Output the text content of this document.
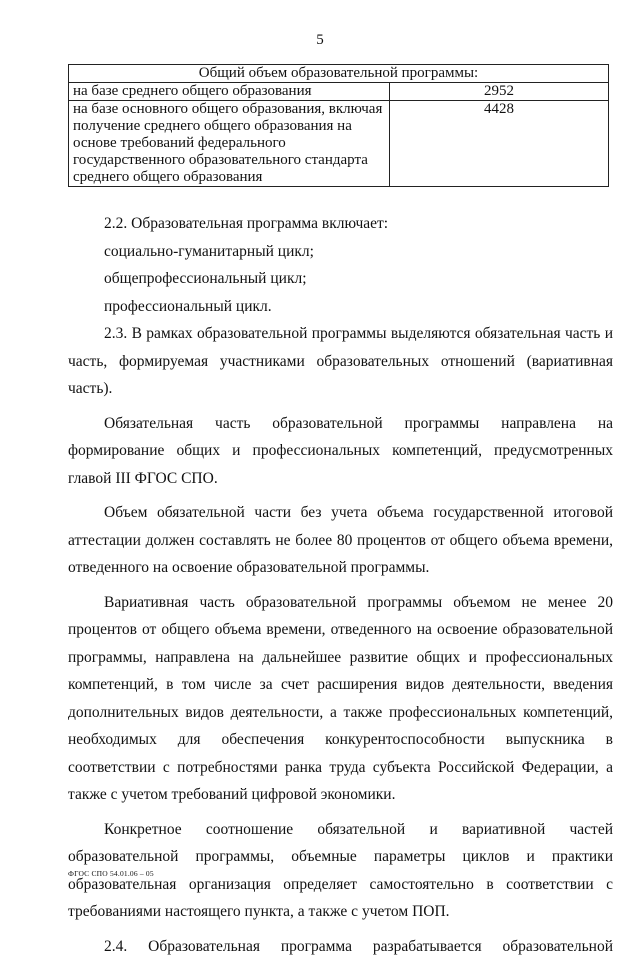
5
Общий объем образовательной программы:	
на базе среднего общего образования	2952
на базе основного общего образования, включая получение среднего общего образования на основе требований федерального государственного образовательного стандарта среднего общего образования	4428

2.2. Образовательная программа включает:

социально-гуманитарный цикл;

общепрофессиональный цикл;

профессиональный цикл.

2.3. В рамках образовательной программы выделяются обязательная часть и часть, формируемая участниками образовательных отношений (вариативная часть).

Обязательная часть образовательной программы направлена на формирование общих и профессиональных компетенций, предусмотренных главой III ФГОС СПО.

Объем обязательной части без учета объема государственной итоговой аттестации должен составлять не более 80 процентов от общего объема времени, отведенного на освоение образовательной программы.

Вариативная часть образовательной программы объемом не менее 20 процентов от общего объема времени, отведенного на освоение образовательной программы, направлена на дальнейшее развитие общих и профессиональных компетенций, в том числе за счет расширения видов деятельности, введения дополнительных видов деятельности, а также профессиональных компетенций, необходимых для обеспечения конкурентоспособности выпускника в соответствии с потребностями ранка труда субъекта Российской Федерации, а также с учетом требований цифровой экономики.

Конкретное соотношение обязательной и вариативной частей образовательной программы, объемные параметры циклов и практики образовательная организация определяет самостоятельно в соответствии с требованиями настоящего пункта, а также с учетом ПОП.

2.4. Образовательная программа разрабатывается образовательной

ФГОС СПО 54.01.06 – 05
